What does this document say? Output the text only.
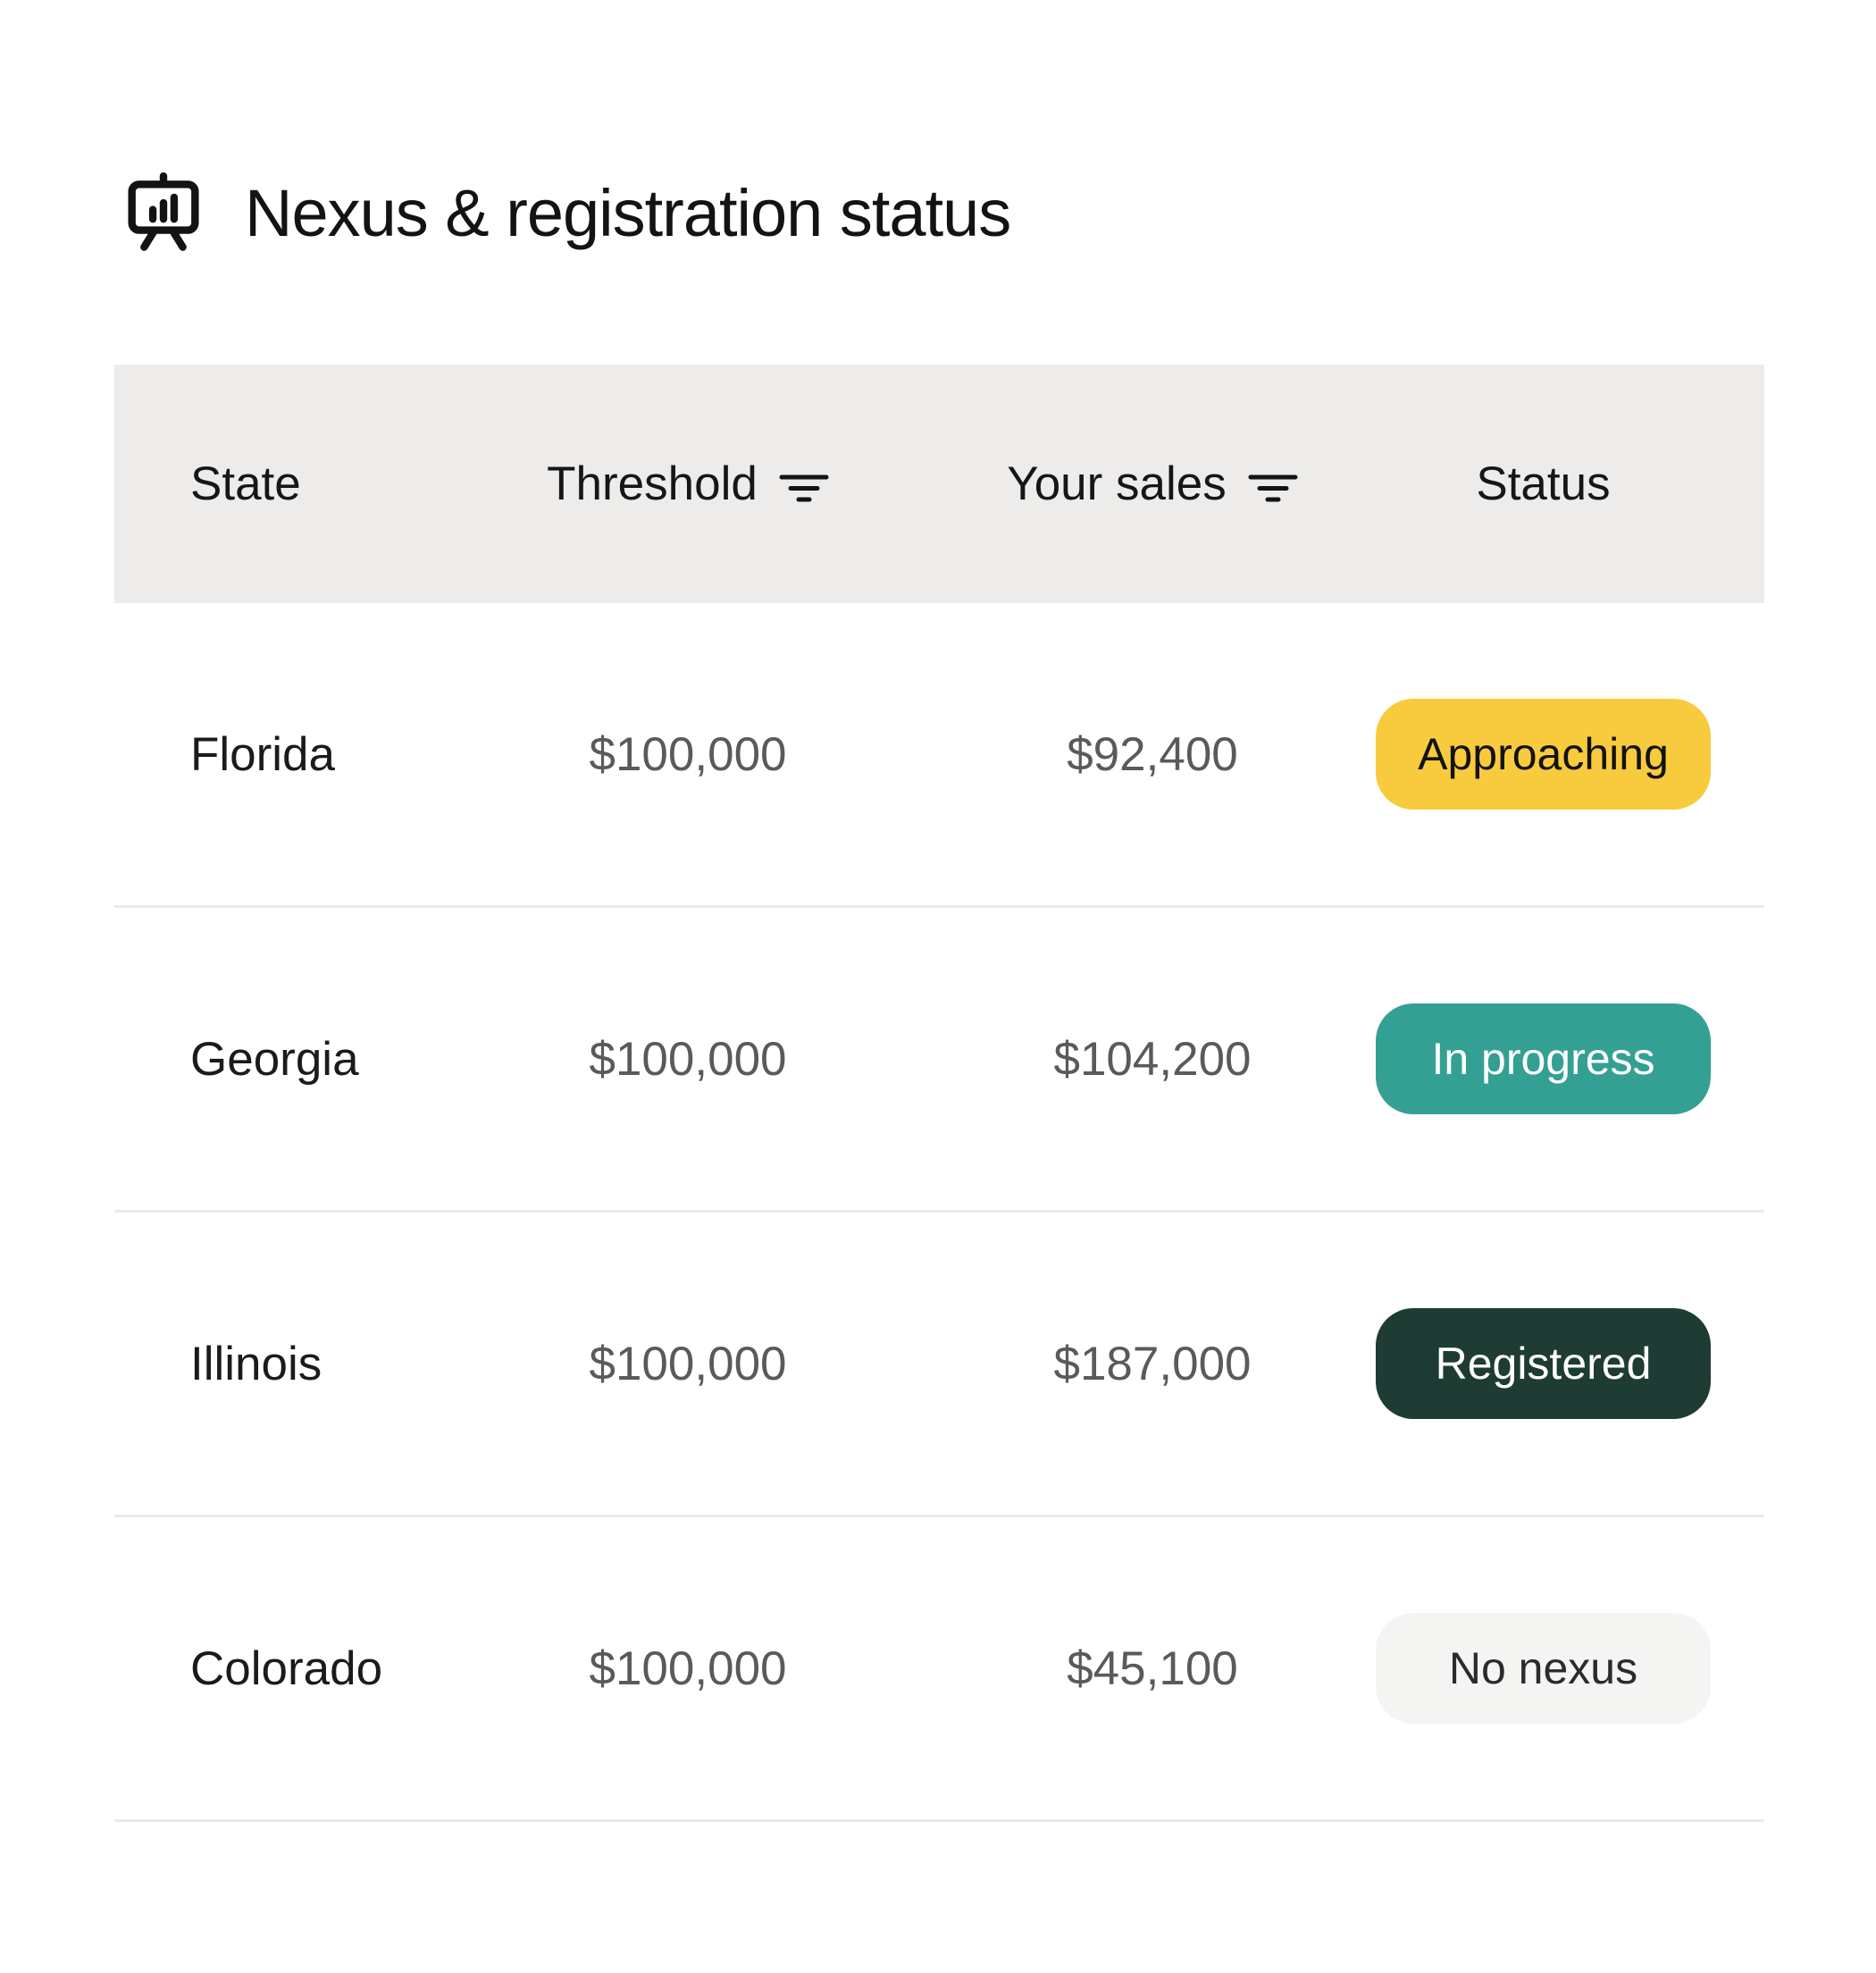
Nexus & registration status
State	Threshold	Your sales	Status
Florida	$100,000	$92,400	Approaching
Georgia	$100,000	$104,200	In progress
Illinois	$100,000	$187,000	Registered
Colorado	$100,000	$45,100	No nexus
